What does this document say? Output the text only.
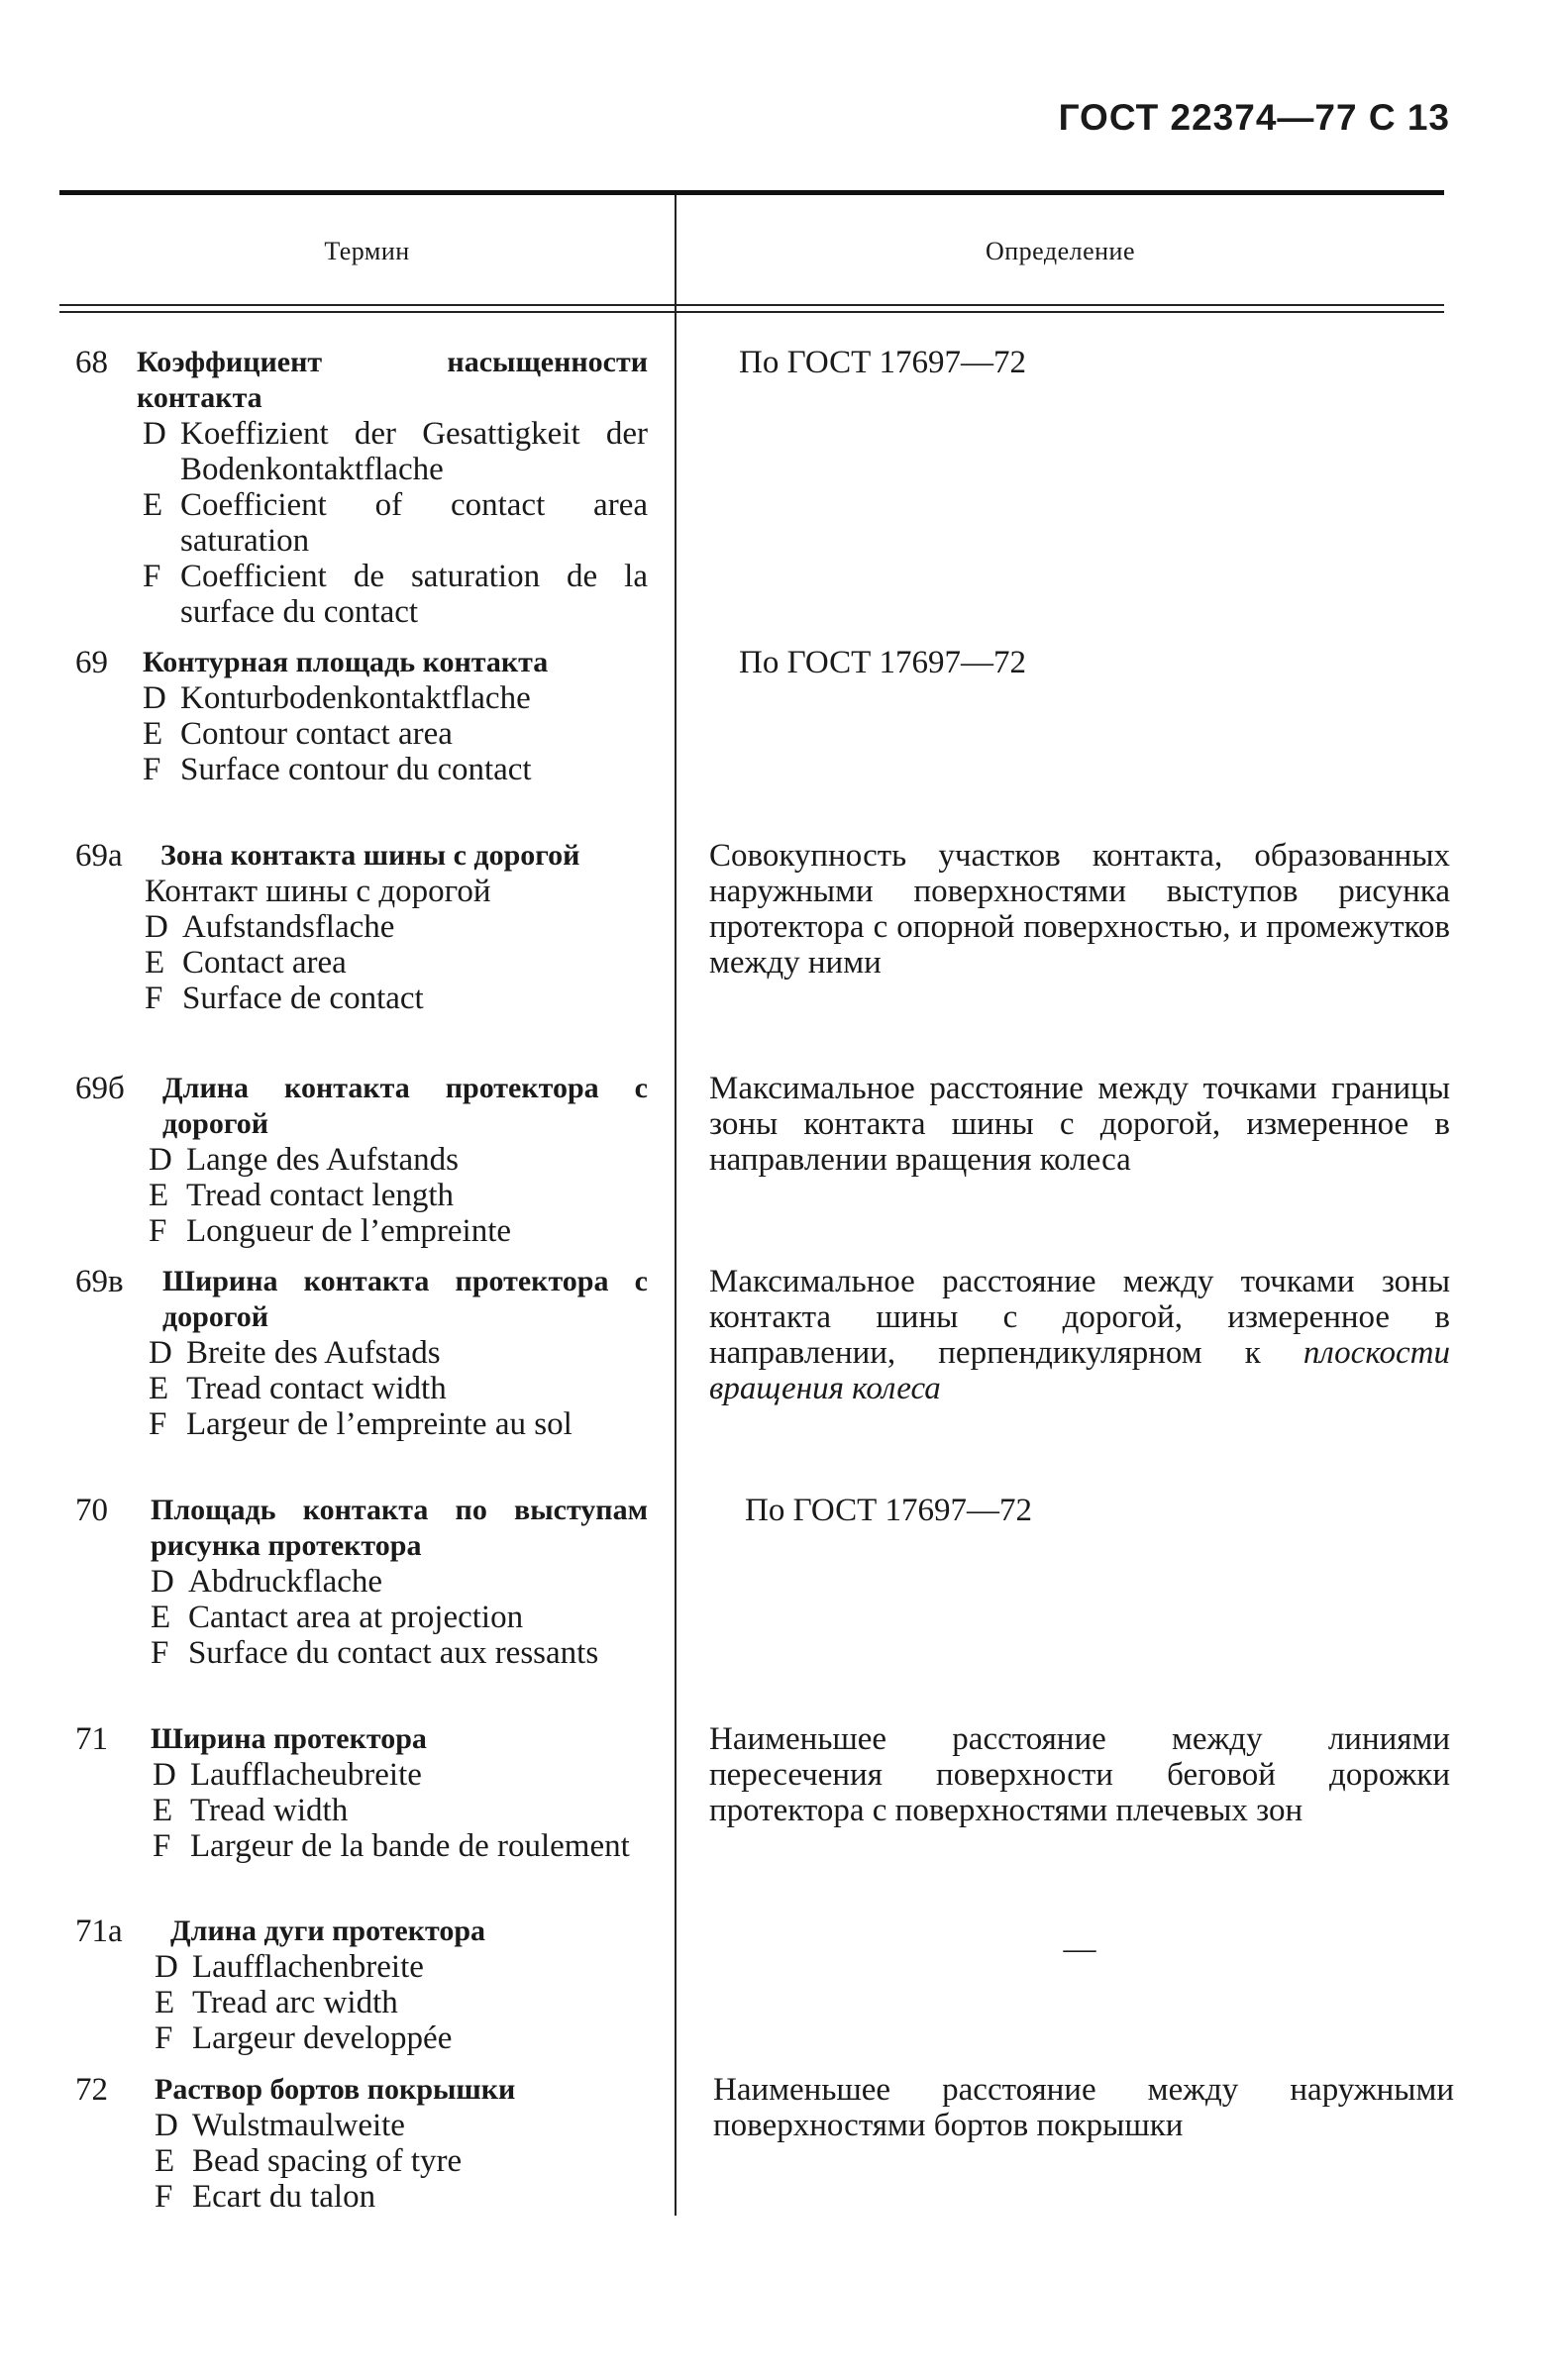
ГОСТ 22374—77 С 13
Термин	Определение
68 Коэффициент насыщенности контакта
D Koeffizient der Gesattigkeit der Bodenkontaktflache
E Coefficient of contact area saturation
F Coefficient de saturation de la surface du contact
По ГОСТ 17697—72
69 Контурная площадь контакта
D Konturbodenkontaktflache
E Contour contact area
F Surface contour du contact
По ГОСТ 17697—72
69а Зона контакта шины с дорогой
Контакт шины с дорогой
D Aufstandsflache
E Contact area
F Surface de contact
Совокупность участков контакта, образованных наружными поверхностями выступов рисунка протектора с опорной поверхностью, и промежутков между ними
69б Длина контакта протектора с дорогой
D Lange des Aufstands
E Tread contact length
F Longueur de l’empreinte
Максимальное расстояние между точками границы зоны контакта шины с дорогой, измеренное в направлении вращения колеса
69в Ширина контакта протектора с дорогой
D Breite des Aufstads
E Tread contact width
F Largeur de l’empreinte au sol
Максимальное расстояние между точками зоны контакта шины с дорогой, измеренное в направлении, перпендикулярном к плоскости вращения колеса
70 Площадь контакта по выступам рисунка протектора
D Abdruckflache
E Cantact area at projection
F Surface du contact aux ressants
По ГОСТ 17697—72
71 Ширина протектора
D Laufflacheubreite
E Tread width
F Largeur de la bande de roulement
Наименьшее расстояние между линиями пересечения поверхности беговой дорожки протектора с поверхностями плечевых зон
71а Длина дуги протектора
D Laufflachenbreite
E Tread arc width
F Largeur developpée
—
72 Раствор бортов покрышки
D Wulstmaulweite
E Bead spacing of tyre
F Ecart du talon
Наименьшее расстояние между наружными поверхностями бортов покрышки
